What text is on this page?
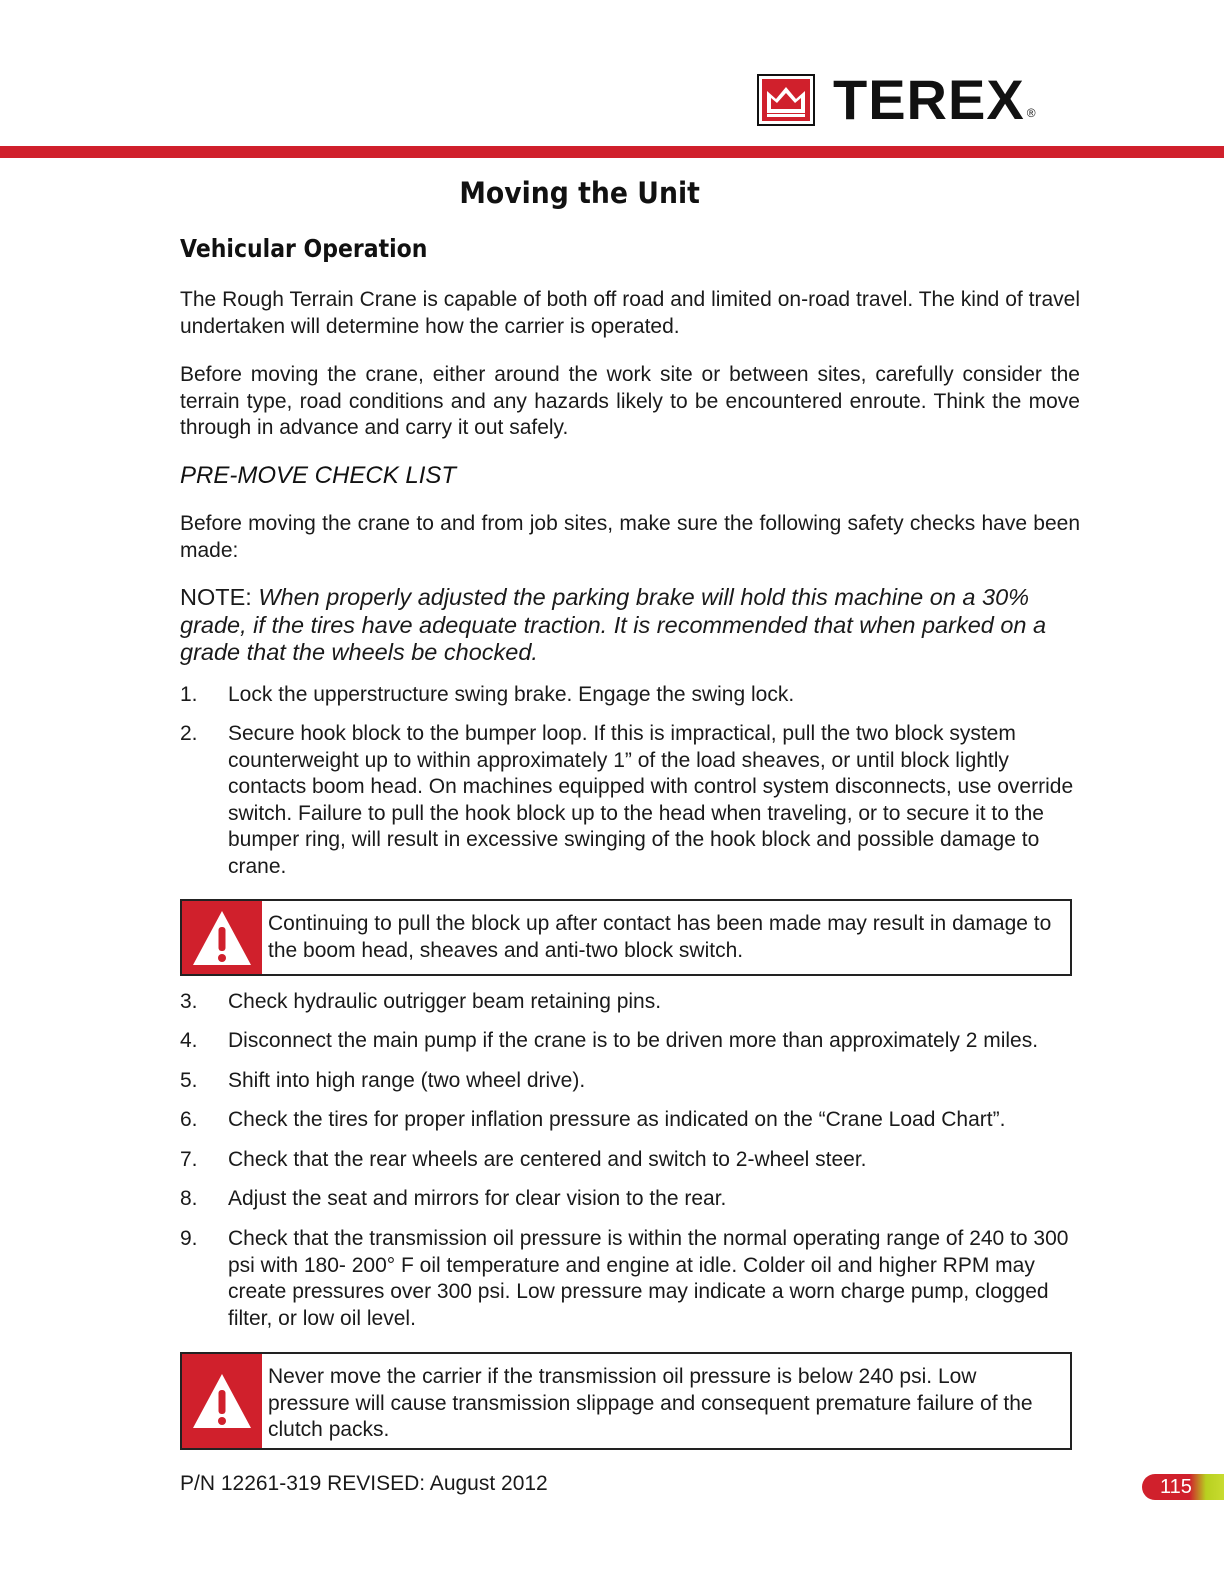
TEREX ®
Moving the Unit
Vehicular Operation
The Rough Terrain Crane is capable of both off road and limited on-road travel. The kind of travel undertaken will determine how the carrier is operated.
Before moving the crane, either around the work site or between sites, carefully consider the terrain type, road conditions and any hazards likely to be encountered enroute. Think the move through in advance and carry it out safely.
PRE-MOVE CHECK LIST
Before moving the crane to and from job sites, make sure the following safety checks have been made:
NOTE: When properly adjusted the parking brake will hold this machine on a 30% grade, if the tires have adequate traction. It is recommended that when parked on a grade that the wheels be chocked.
1. Lock the upperstructure swing brake. Engage the swing lock.
2. Secure hook block to the bumper loop. If this is impractical, pull the two block system counterweight up to within approximately 1” of the load sheaves, or until block lightly contacts boom head. On machines equipped with control system disconnects, use override switch. Failure to pull the hook block up to the head when traveling, or to secure it to the bumper ring, will result in excessive swinging of the hook block and possible damage to crane.
Continuing to pull the block up after contact has been made may result in damage to the boom head, sheaves and anti-two block switch.
3. Check hydraulic outrigger beam retaining pins.
4. Disconnect the main pump if the crane is to be driven more than approximately 2 miles.
5. Shift into high range (two wheel drive).
6. Check the tires for proper inflation pressure as indicated on the “Crane Load Chart”.
7. Check that the rear wheels are centered and switch to 2-wheel steer.
8. Adjust the seat and mirrors for clear vision to the rear.
9. Check that the transmission oil pressure is within the normal operating range of 240 to 300 psi with 180- 200° F oil temperature and engine at idle. Colder oil and higher RPM may create pressures over 300 psi. Low pressure may indicate a worn charge pump, clogged filter, or low oil level.
Never move the carrier if the transmission oil pressure is below 240 psi. Low pressure will cause transmission slippage and consequent premature failure of the clutch packs.
P/N 12261-319 REVISED: August 2012	115
